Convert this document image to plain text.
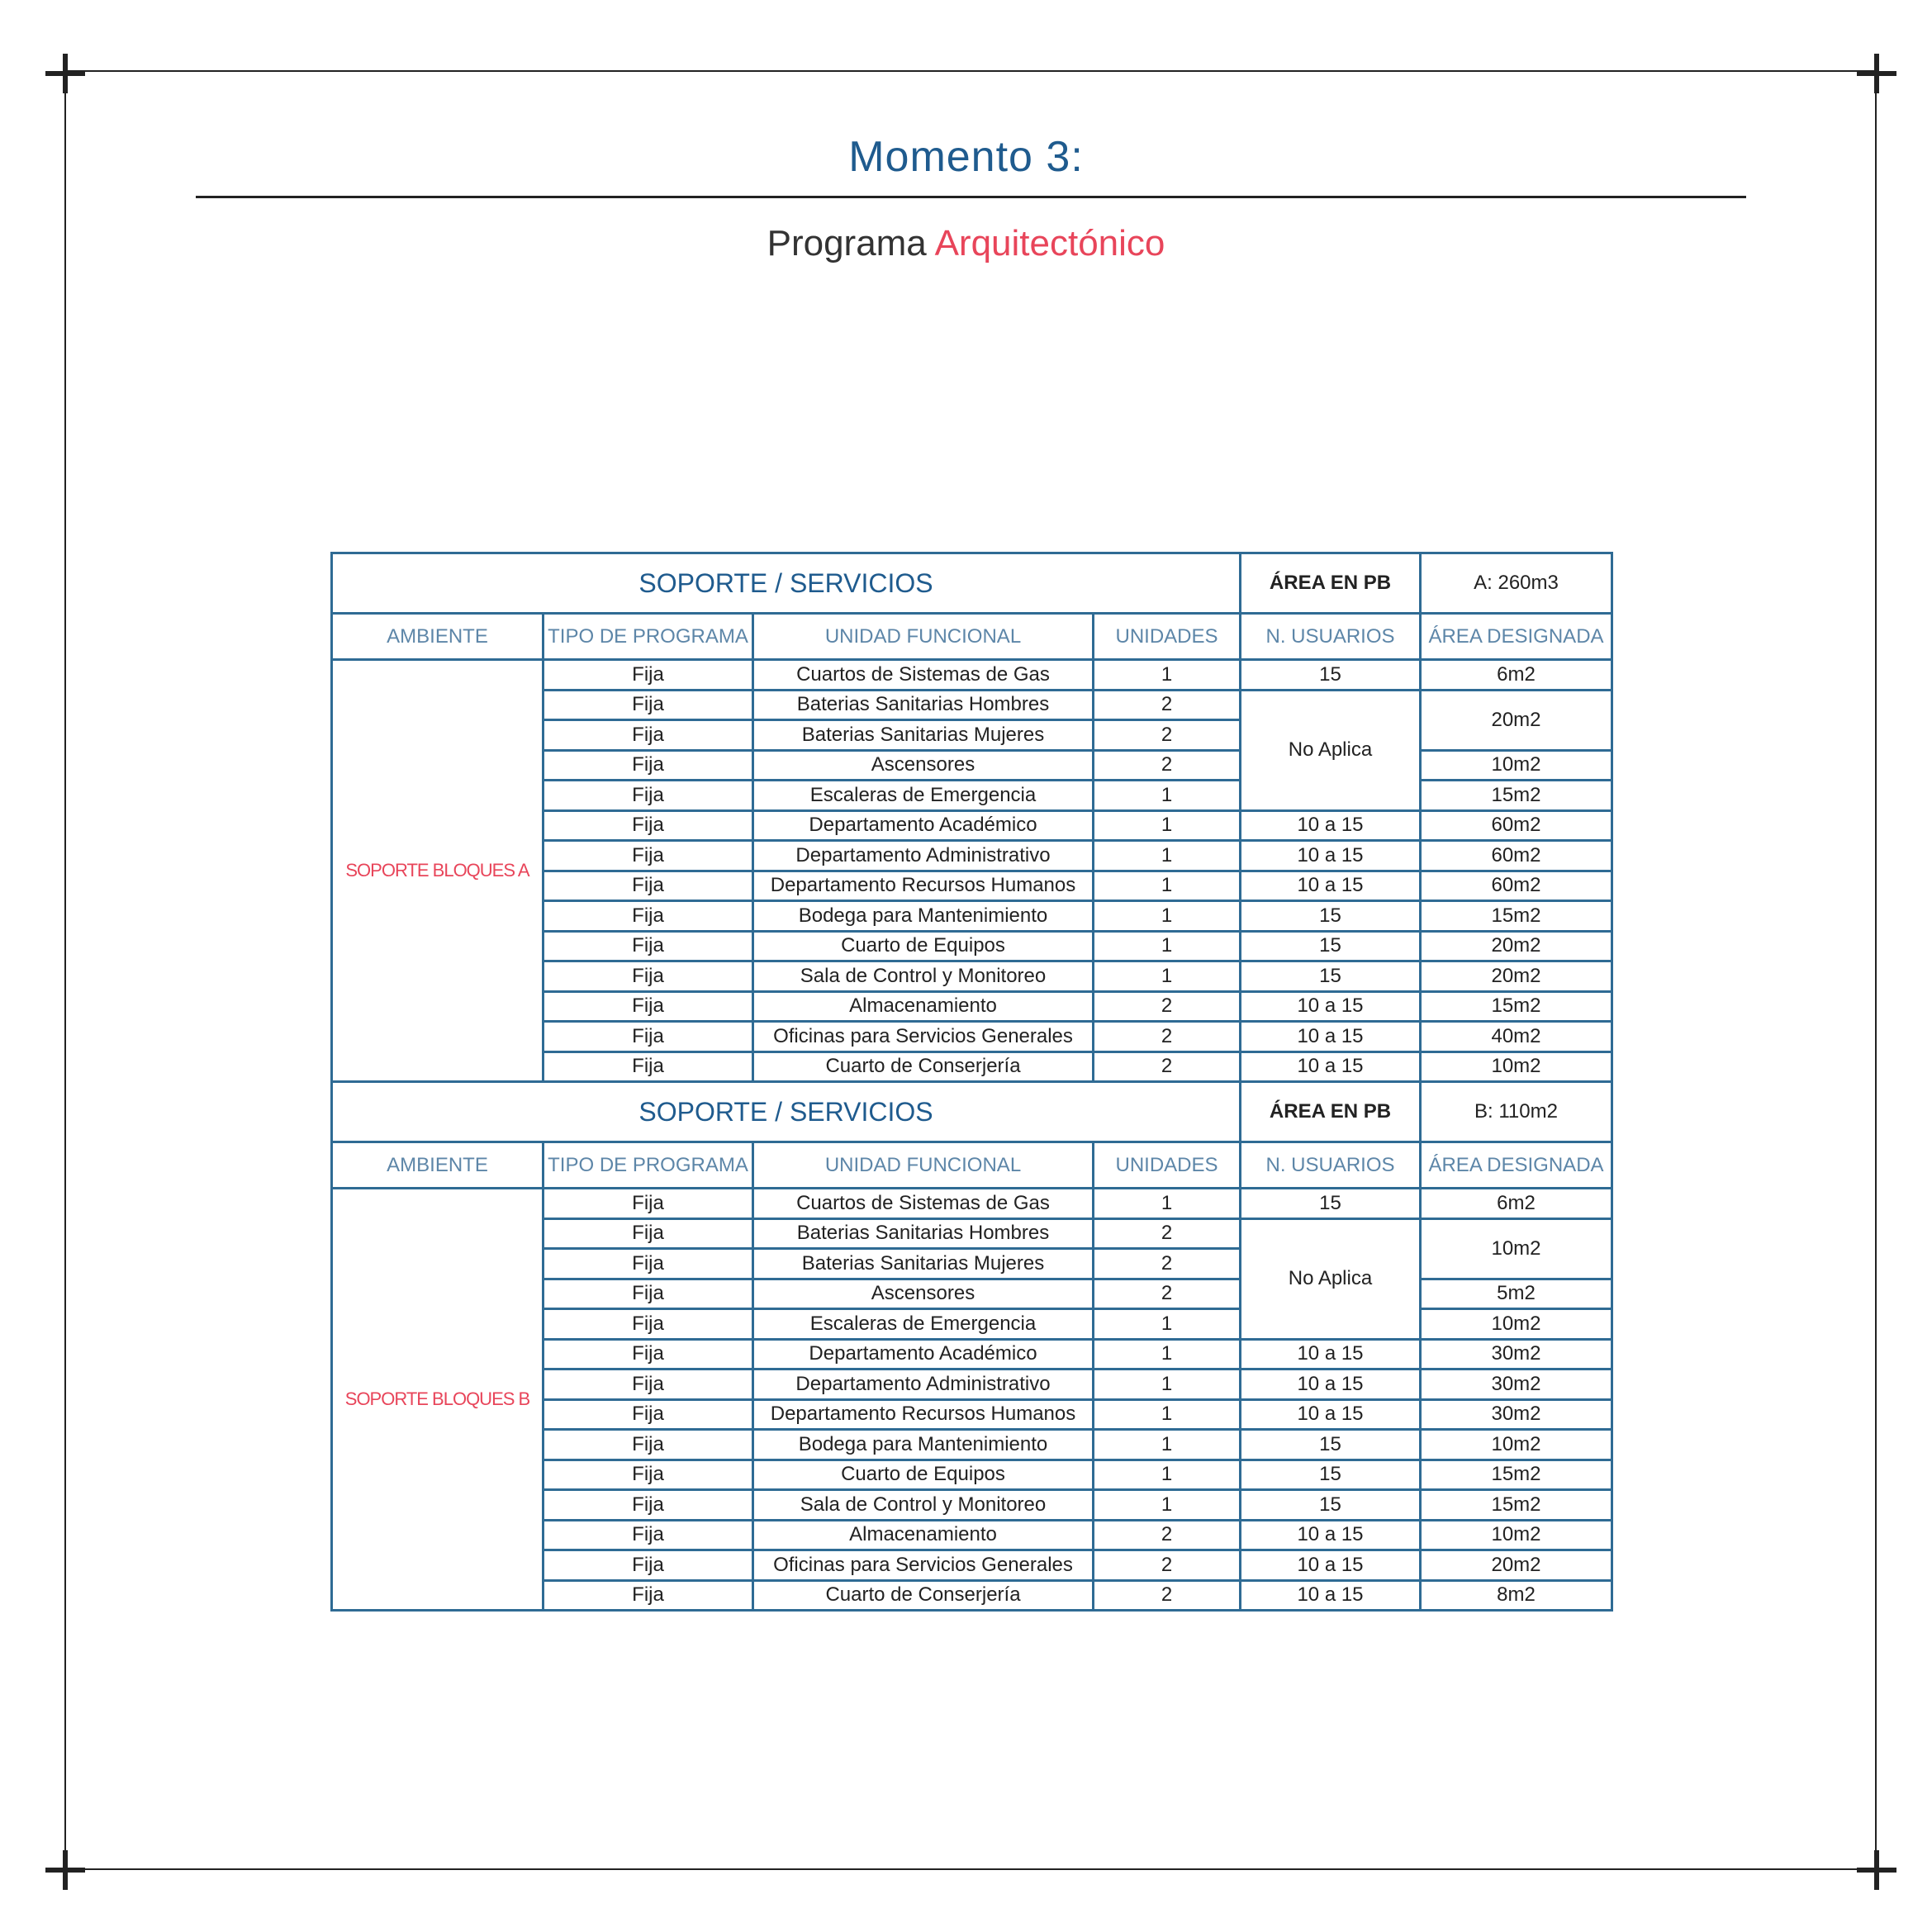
Momento 3:
Programa Arquitectónico
SOPORTE / SERVICIOS				ÁREA EN PB	A: 260m3
AMBIENTE	TIPO DE PROGRAMA	UNIDAD FUNCIONAL	UNIDADES	N. USUARIOS	ÁREA DESIGNADA
SOPORTE BLOQUES A	Fija	Cuartos de Sistemas de Gas	1	15	6m2
	Fija	Baterias Sanitarias Hombres	2	No Aplica	20m2
	Fija	Baterias Sanitarias Mujeres	2		
	Fija	Ascensores	2		10m2
	Fija	Escaleras de Emergencia	1		15m2
	Fija	Departamento Académico	1	10 a 15	60m2
	Fija	Departamento Administrativo	1	10 a 15	60m2
	Fija	Departamento Recursos Humanos	1	10 a 15	60m2
	Fija	Bodega para Mantenimiento	1	15	15m2
	Fija	Cuarto de Equipos	1	15	20m2
	Fija	Sala de Control y Monitoreo	1	15	20m2
	Fija	Almacenamiento	2	10 a 15	15m2
	Fija	Oficinas para Servicios Generales	2	10 a 15	40m2
	Fija	Cuarto de Conserjería	2	10 a 15	10m2
SOPORTE / SERVICIOS				ÁREA EN PB	B: 110m2
AMBIENTE	TIPO DE PROGRAMA	UNIDAD FUNCIONAL	UNIDADES	N. USUARIOS	ÁREA DESIGNADA
SOPORTE BLOQUES B	Fija	Cuartos de Sistemas de Gas	1	15	6m2
	Fija	Baterias Sanitarias Hombres	2	No Aplica	10m2
	Fija	Baterias Sanitarias Mujeres	2		
	Fija	Ascensores	2		5m2
	Fija	Escaleras de Emergencia	1		10m2
	Fija	Departamento Académico	1	10 a 15	30m2
	Fija	Departamento Administrativo	1	10 a 15	30m2
	Fija	Departamento Recursos Humanos	1	10 a 15	30m2
	Fija	Bodega para Mantenimiento	1	15	10m2
	Fija	Cuarto de Equipos	1	15	15m2
	Fija	Sala de Control y Monitoreo	1	15	15m2
	Fija	Almacenamiento	2	10 a 15	10m2
	Fija	Oficinas para Servicios Generales	2	10 a 15	20m2
	Fija	Cuarto de Conserjería	2	10 a 15	8m2
